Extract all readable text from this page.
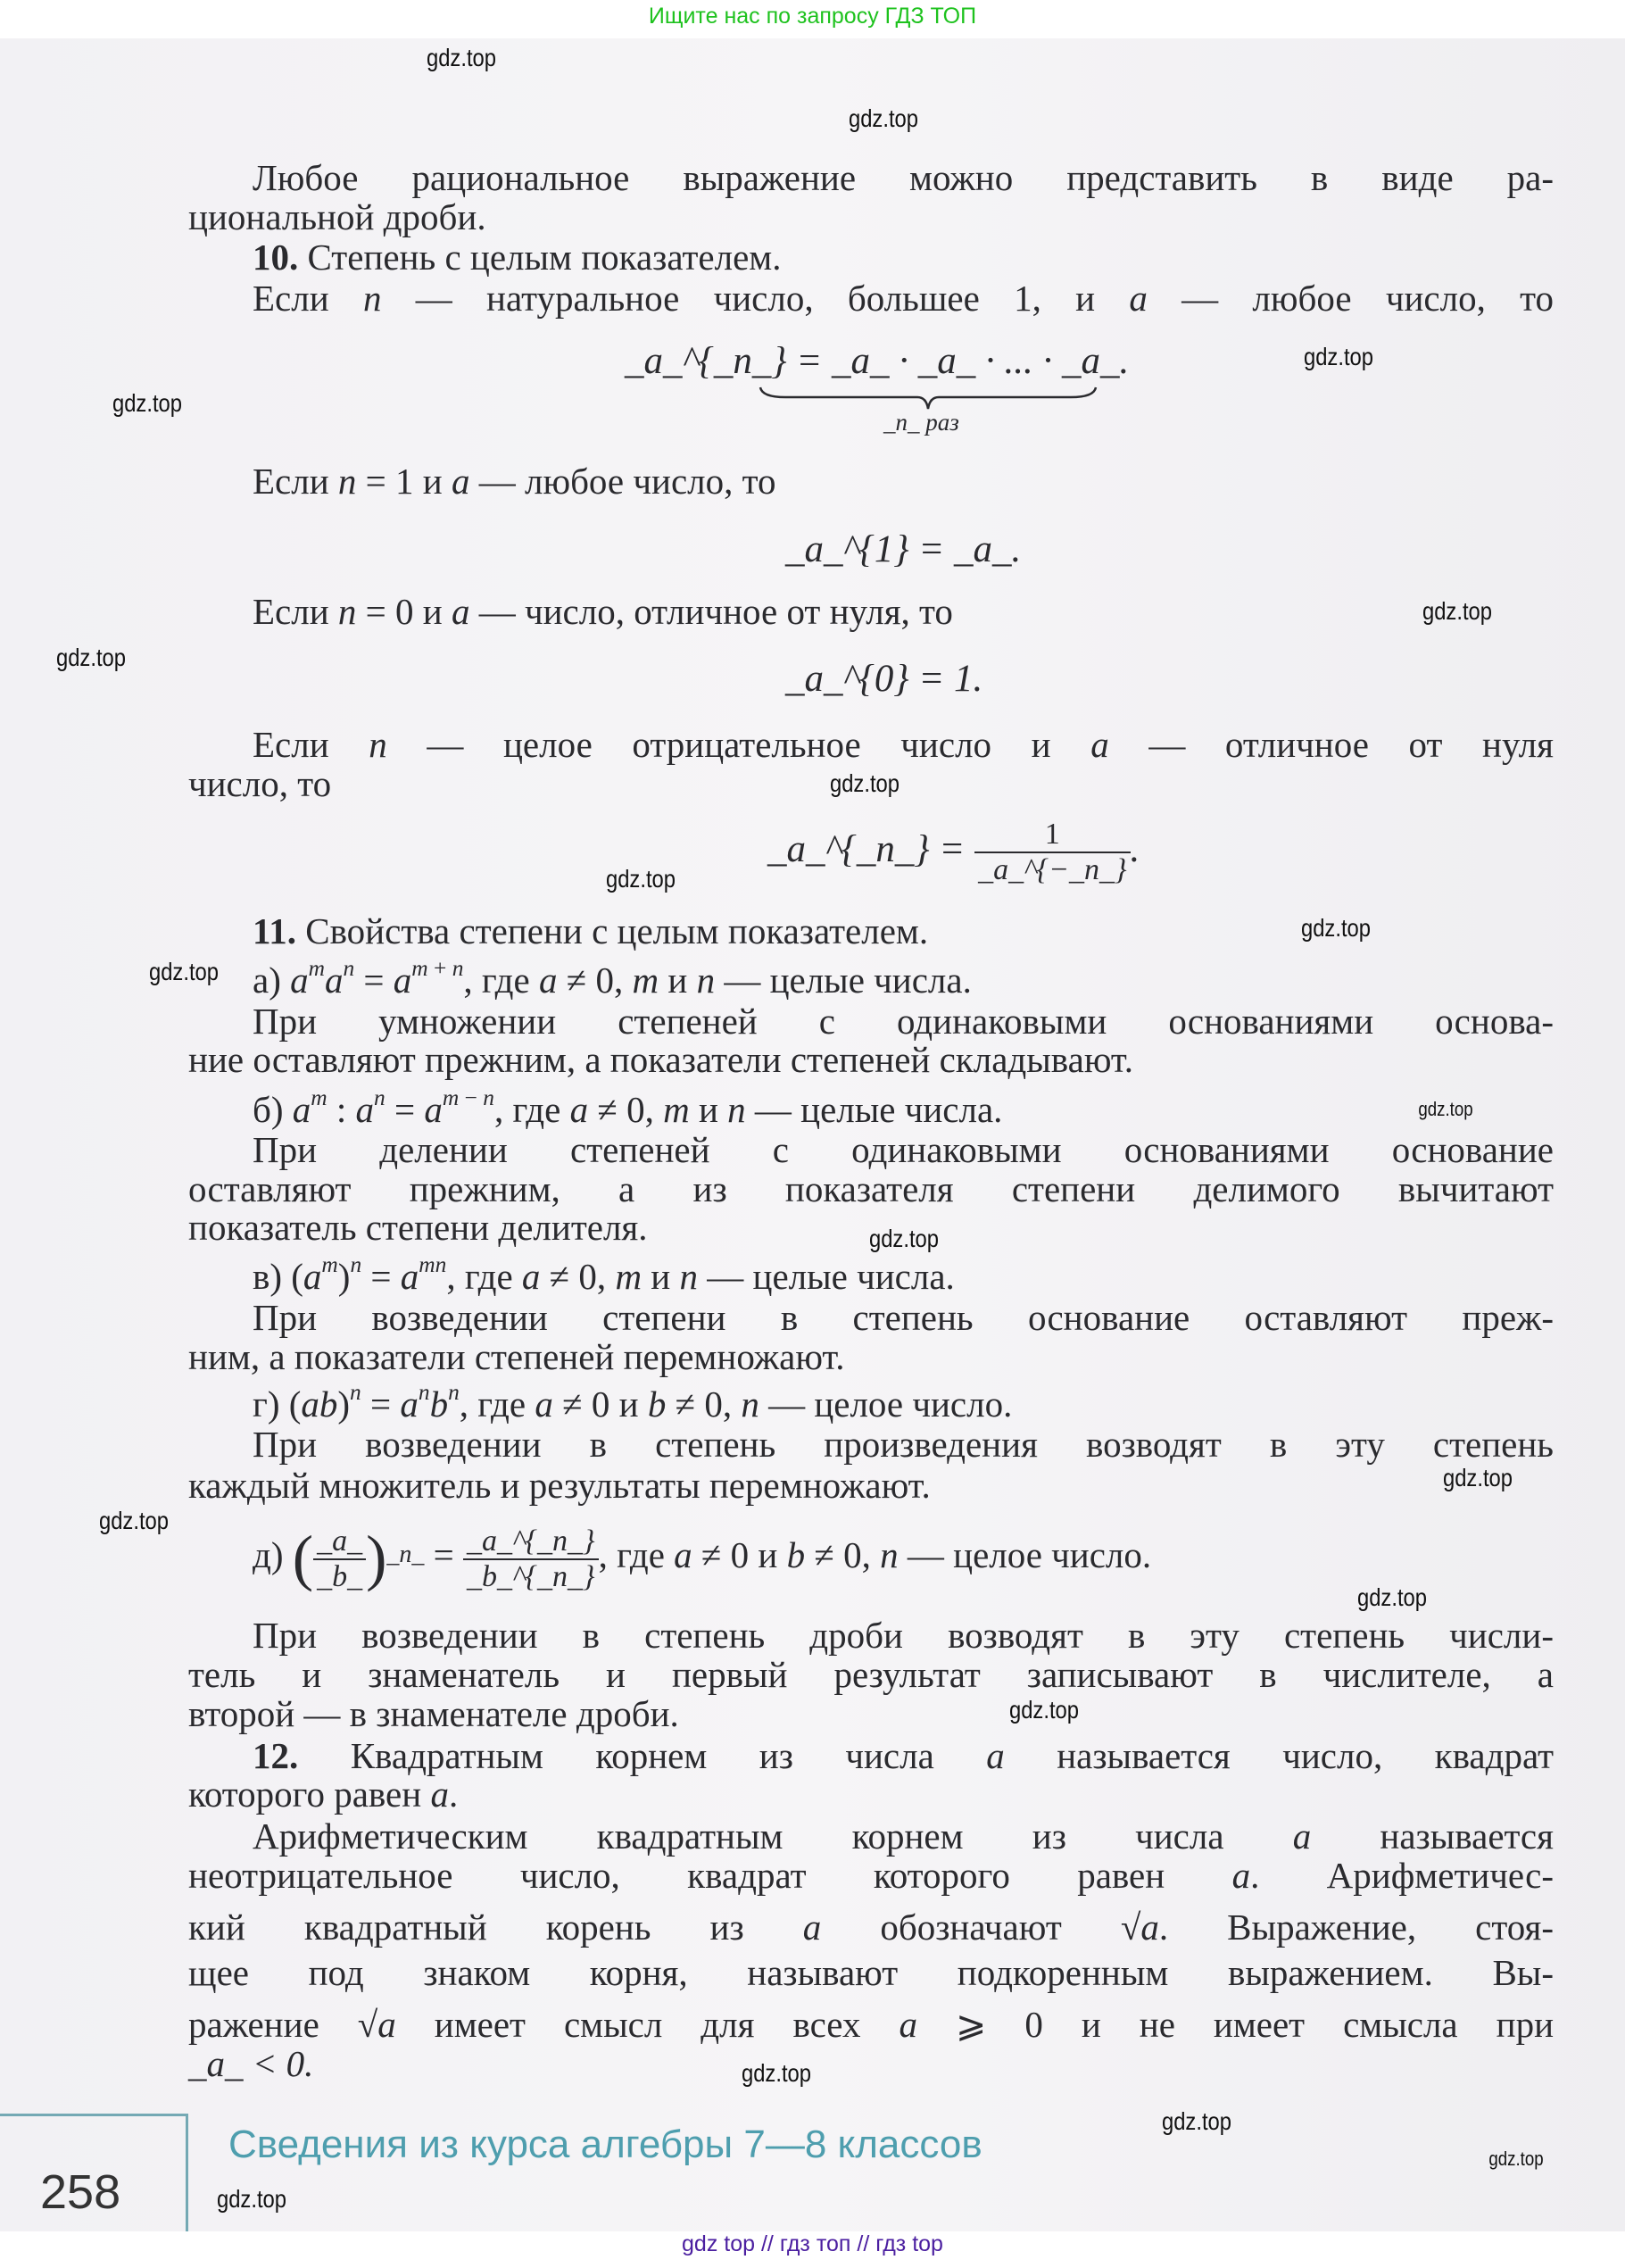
Ищите нас по запросу ГДЗ ТОП
Любое рациональное выражение можно представить в виде ра-
циональной дроби.
10. Степень с целым показателем.
Если n — натуральное число, большее 1, и a — любое число, то
_a_^{_n_} = _a_ · _a_ · ... · _a_.
_n_ раз
Если n = 1 и a — любое число, то
_a_^{1} = _a_.
Если n = 0 и a — число, отличное от нуля, то
_a_^{0} = 1.
Если n — целое отрицательное число и a — отличное от нуля
число, то
_a_^{_n_} = $\frac{1}{\_a\_\^{}\{-\_n\_\}}$ .
11. Свойства степени с целым показателем.
а) $a^ma^n = a^{m + n}$, где a ≠ 0, m и n — целые числа.
При умножении степеней с одинаковыми основаниями основа-
ние оставляют прежним, а показатели степеней складывают.
б) $a^m$ : $a^n = a^{m - n}$, где a ≠ 0, m и n — целые числа.
При делении степеней с одинаковыми основаниями основание
оставляют прежним, а из показателя степени делимого вычитают
показатель степени делителя.
в) $(a^m)^n = a^{mn}$, где a ≠ 0, m и n — целые числа.
При возведении степени в степень основание оставляют преж-
ним, а показатели степеней перемножают.
г) $(ab)^n = a^nb^n$, где a ≠ 0 и b ≠ 0, n — целое число.
При возведении в степень произведения возводят в эту степень
каждый множитель и результаты перемножают.
д) ( $\frac{\_a\_}{\_b\_} )^{\_n\_} = \frac{\_a\_\^{}\{\_n\_\}}{\_b\_\^{}\{\_n\_\}}$ , где a ≠ 0 и b ≠ 0, n — целое число.
При возведении в степень дроби возводят в эту степень числи-
тель и знаменатель и первый результат записывают в числителе, а
второй — в знаменателе дроби.
12. Квадратным корнем из числа a называется число, квадрат
которого равен a.
Арифметическим квадратным корнем из числа a называется
неотрицательное число, квадрат которого равен a. Арифметичес-
кий квадратный корень из a обозначают √a. Выражение, стоя-
щее под знаком корня, называют подкоренным выражением. Вы-
ражение √a имеет смысл для всех a ⩾ 0 и не имеет смысла при
_a_ < 0.
258
Сведения из курса алгебры 7—8 классов
gdz.top
gdz.top
gdz.top
gdz.top
gdz.top
gdz.top
gdz.top
gdz.top
gdz.top
gdz.top
gdz.top
gdz.top
gdz.top
gdz.top
gdz.top
gdz.top
gdz.top
gdz.top
gdz.top
gdz.top
gdz top // гдз топ // гдз top
